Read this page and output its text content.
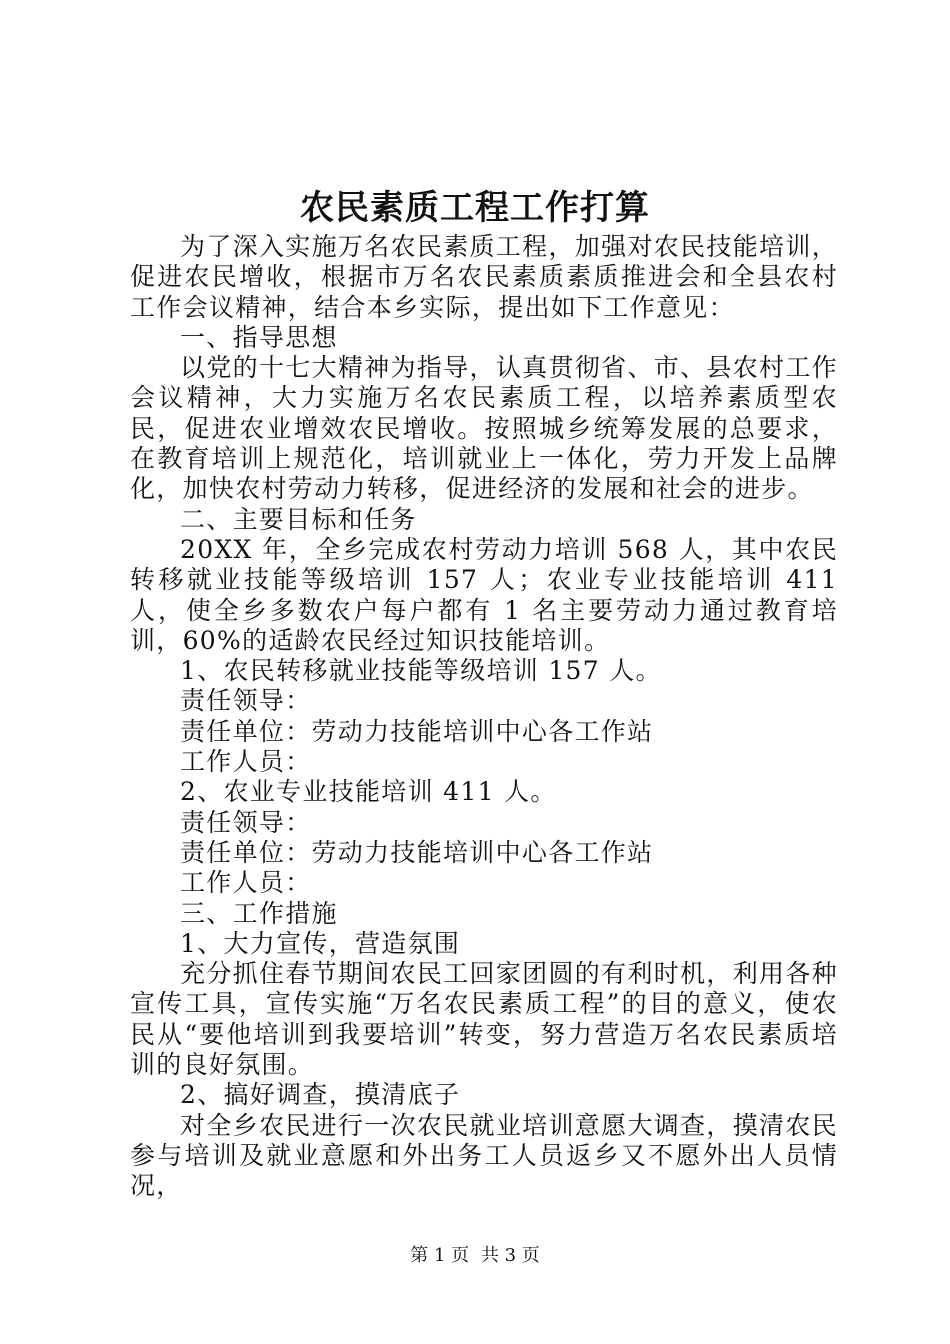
农民素质工程工作打算

为了深入实施万名农民素质工程，加强对农民技能培训，促进农民增收，根据市万名农民素质素质推进会和全县农村工作会议精神，结合本乡实际，提出如下工作意见：

一、指导思想

以党的十七大精神为指导，认真贯彻省、市、县农村工作会议精神，大力实施万名农民素质工程，以培养素质型农民，促进农业增效农民增收。按照城乡统筹发展的总要求，在教育培训上规范化，培训就业上一体化，劳力开发上品牌化，加快农村劳动力转移，促进经济的发展和社会的进步。

二、主要目标和任务

20XX 年，全乡完成农村劳动力培训 568 人，其中农民转移就业技能等级培训 157 人；农业专业技能培训 411 人，使全乡多数农户每户都有 1 名主要劳动力通过教育培训，60%的适龄农民经过知识技能培训。

1、农民转移就业技能等级培训 157 人。

责任领导：

责任单位：劳动力技能培训中心各工作站

工作人员：

2、农业专业技能培训 411 人。

责任领导：

责任单位：劳动力技能培训中心各工作站

工作人员：

三、工作措施

1、大力宣传，营造氛围

充分抓住春节期间农民工回家团圆的有利时机，利用各种宣传工具，宣传实施“万名农民素质工程”的目的意义，使农民从“要他培训到我要培训”转变，努力营造万名农民素质培训的良好氛围。

2、搞好调查，摸清底子

对全乡农民进行一次农民就业培训意愿大调查，摸清农民参与培训及就业意愿和外出务工人员返乡又不愿外出人员情况，

第 1 页 共 3 页
